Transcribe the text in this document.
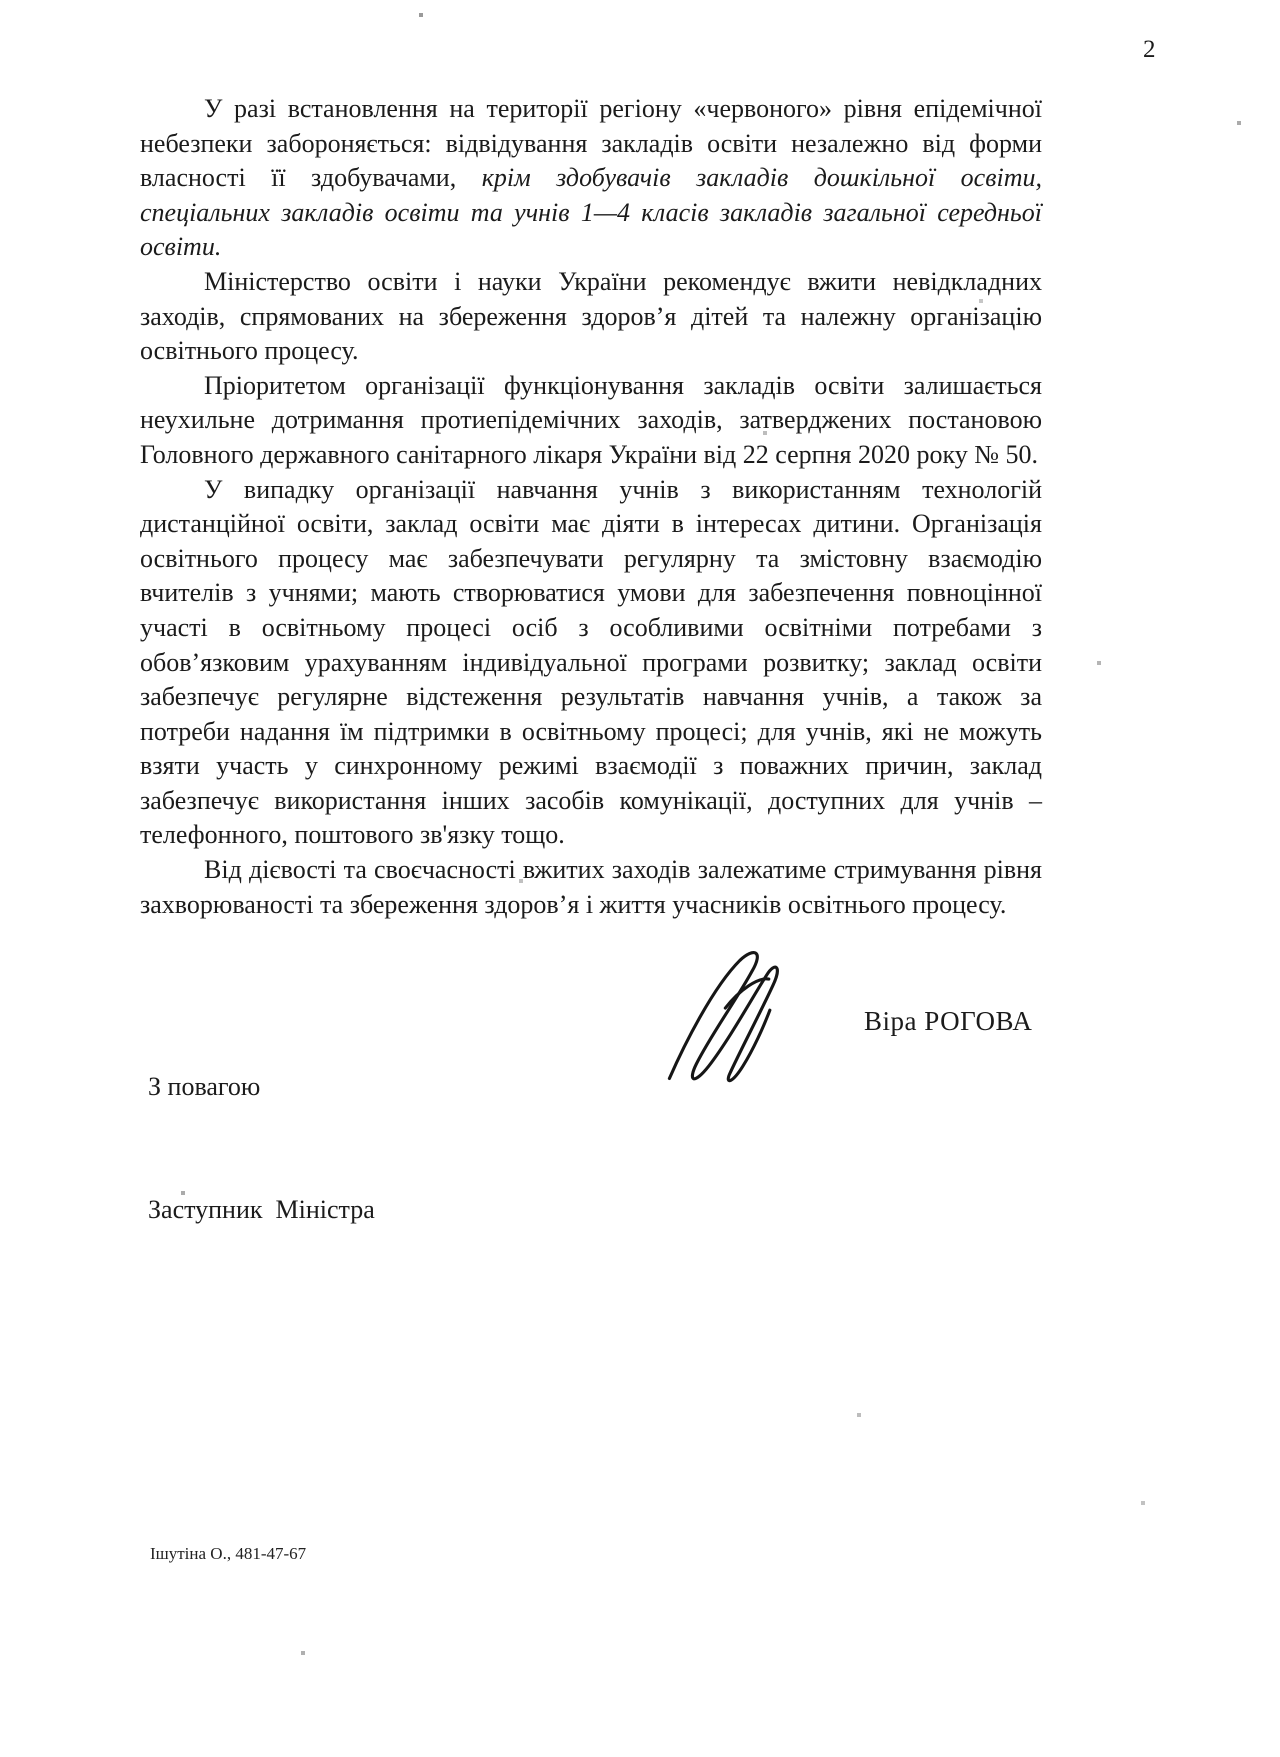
2

У разі встановлення на території регіону «червоного» рівня епідемічної небезпеки забороняється: відвідування закладів освіти незалежно від форми власності її здобувачами, крім здобувачів закладів дошкільної освіти, спеціальних закладів освіти та учнів 1—4 класів закладів загальної середньої освіти.

Міністерство освіти і науки України рекомендує вжити невідкладних заходів, спрямованих на збереження здоров’я дітей та належну організацію освітнього процесу.

Пріоритетом організації функціонування закладів освіти залишається неухильне дотримання протиепідемічних заходів, затверджених постановою Головного державного санітарного лікаря України від 22 серпня 2020 року № 50.

У випадку організації навчання учнів з використанням технологій дистанційної освіти, заклад освіти має діяти в інтересах дитини. Організація освітнього процесу має забезпечувати регулярну та змістовну взаємодію вчителів з учнями; мають створюватися умови для забезпечення повноцінної участі в освітньому процесі осіб з особливими освітніми потребами з обов’язковим урахуванням індивідуальної програми розвитку; заклад освіти забезпечує регулярне відстеження результатів навчання учнів, а також за потреби надання їм підтримки в освітньому процесі; для учнів, які не можуть взяти участь у синхронному режимі взаємодії з поважних причин, заклад забезпечує використання інших засобів комунікації, доступних для учнів – телефонного, поштового зв'язку тощо.

Від дієвості та своєчасності вжитих заходів залежатиме стримування рівня захворюваності та збереження здоров’я і життя учасників освітнього процесу.

З повагою

Заступник  Міністра

Віра РОГОВА
Ішутіна О., 481-47-67
